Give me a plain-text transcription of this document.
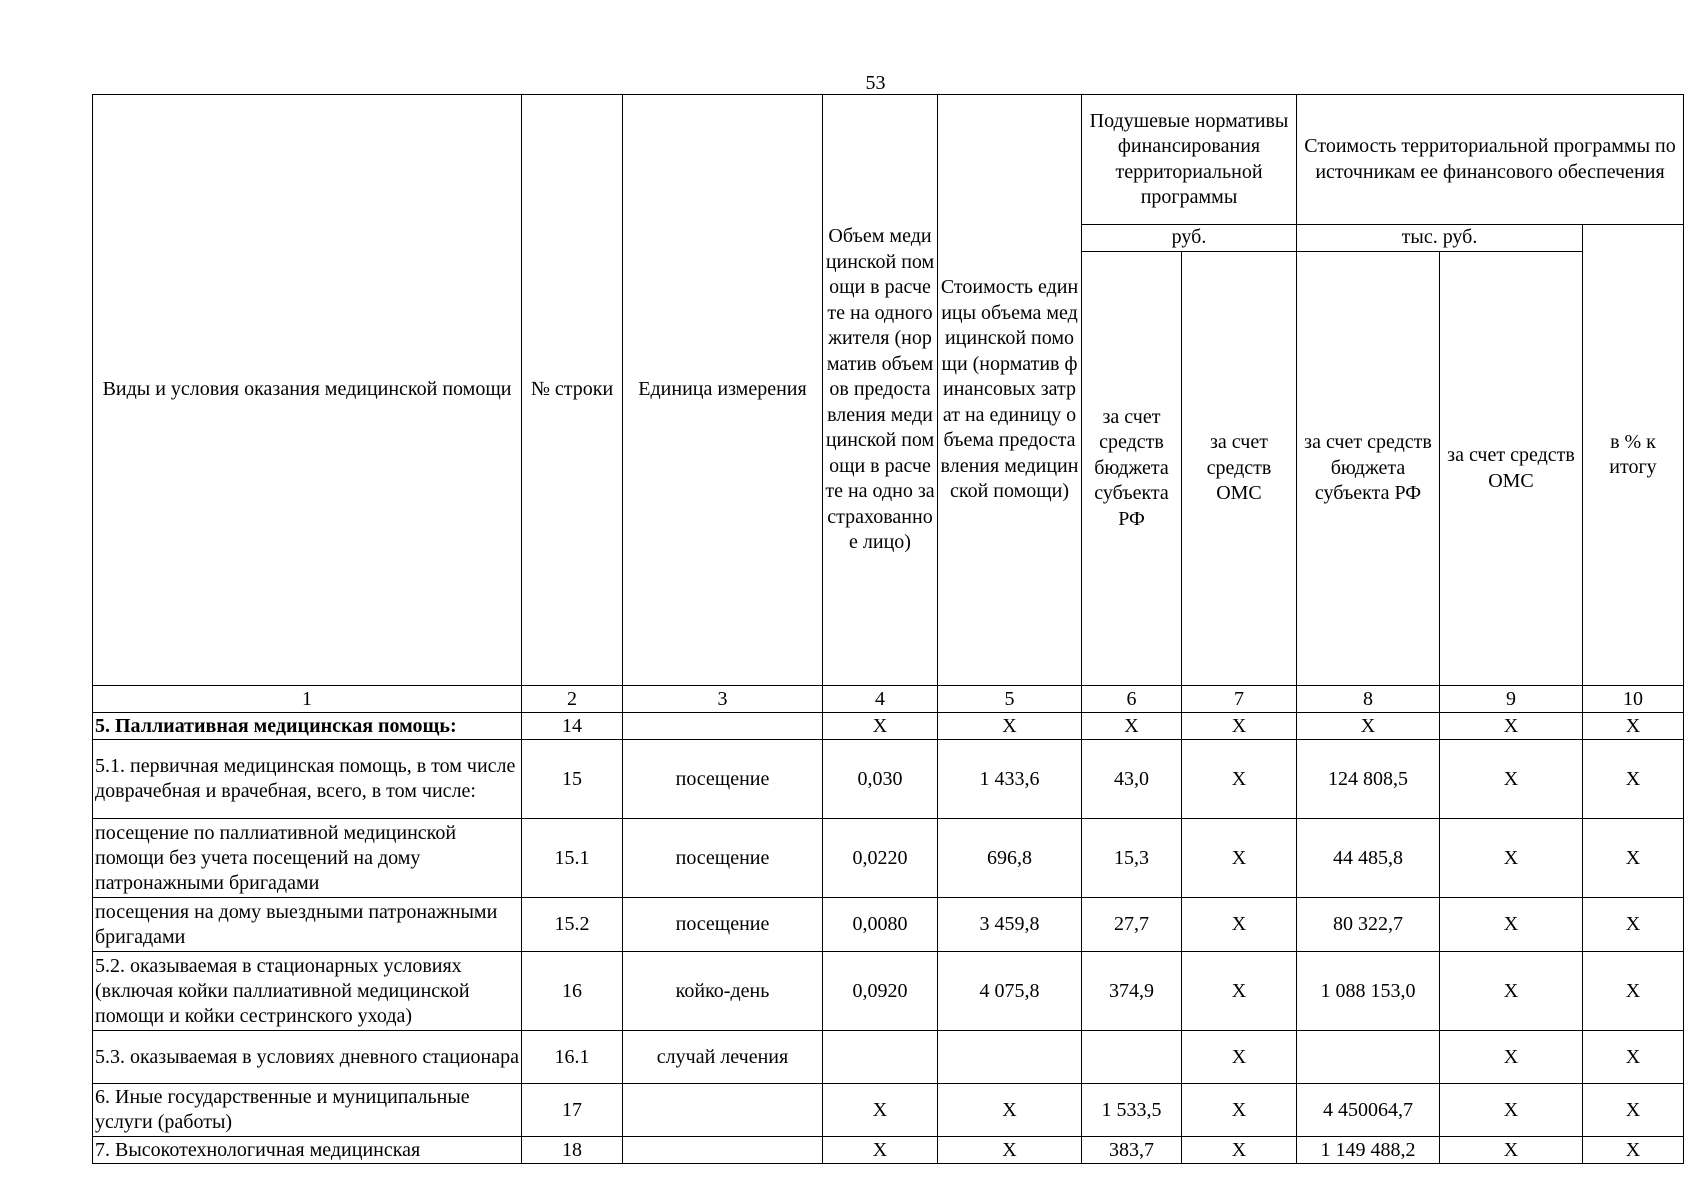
53
Виды и условия оказания медицинской помощи	№ строки	Единица измерения	Объем медицинской помощи в расчете на одного жителя (норматив объемов предоставления медицинской помощи в расчете на одно застрахованное лицо)	Стоимость единицы объема медицинской помощи (норматив финансовых затрат на единицу объема предоставления медицинской помощи)	Подушевые нормативы финансирования территориальной программы		Стоимость территориальной программы по источникам ее финансового обеспечения		
					руб.		тыс. руб.		в % к итогу
					за счет средств бюджета субъекта РФ	за счет средств ОМС	за счет средств бюджета субъекта РФ	за счет средств ОМС	
1	2	3	4	5	6	7	8	9	10
5. Паллиативная медицинская помощь:	14		Х	Х	Х	Х	Х	Х	Х
5.1. первичная медицинская помощь, в том числе доврачебная и врачебная, всего, в том числе:	15	посещение	0,030	1 433,6	43,0	Х	124 808,5	Х	Х
посещение по паллиативной медицинской помощи без учета посещений на дому патронажными бригадами	15.1	посещение	0,0220	696,8	15,3	Х	44 485,8	Х	Х
посещения на дому выездными патронажными бригадами	15.2	посещение	0,0080	3 459,8	27,7	Х	80 322,7	Х	Х
5.2. оказываемая в стационарных условиях (включая койки паллиативной медицинской помощи и койки сестринского ухода)	16	койко-день	0,0920	4 075,8	374,9	Х	1 088 153,0	Х	Х
5.3. оказываемая в условиях дневного стационара	16.1	случай лечения				Х		Х	Х
6. Иные государственные и муниципальные услуги (работы)	17		Х	Х	1 533,5	Х	4 450064,7	Х	Х
7. Высокотехнологичная медицинская	18		Х	Х	383,7	Х	1 149 488,2	Х	Х
